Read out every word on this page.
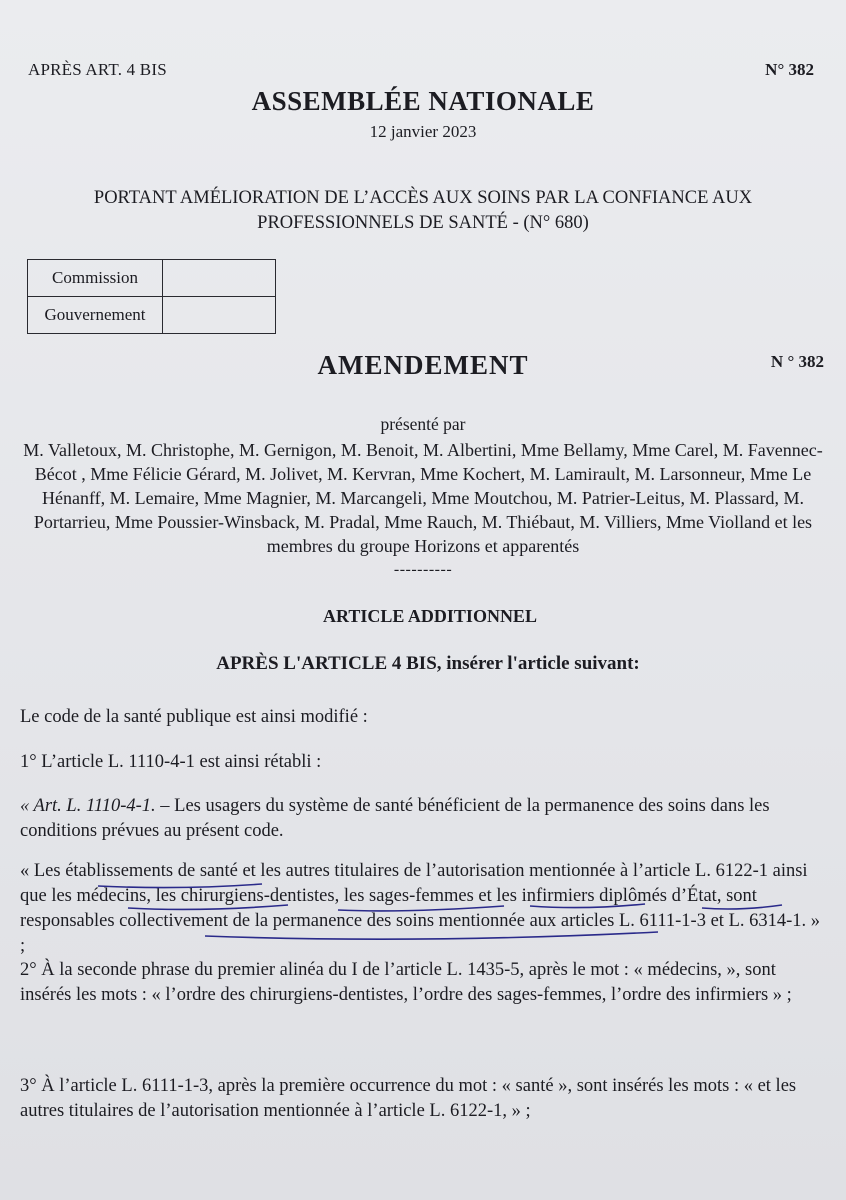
APRÈS ART. 4 BIS	N° 382
ASSEMBLÉE NATIONALE
12 janvier 2023
PORTANT AMÉLIORATION DE L’ACCÈS AUX SOINS PAR LA CONFIANCE AUX PROFESSIONNELS DE SANTÉ - (N° 680)
Commission	
Gouvernement	
AMENDEMENT	N ° 382
présenté par
M. Valletoux, M. Christophe, M. Gernigon, M. Benoit, M. Albertini, Mme Bellamy, Mme Carel, M. Favennec-Bécot , Mme Félicie Gérard, M. Jolivet, M. Kervran, Mme Kochert, M. Lamirault, M. Larsonneur, Mme Le Hénanff, M. Lemaire, Mme Magnier, M. Marcangeli, Mme Moutchou, M. Patrier-Leitus, M. Plassard, M. Portarrieu, Mme Poussier-Winsback, M. Pradal, Mme Rauch, M. Thiébaut, M. Villiers, Mme Violland et les membres du groupe Horizons et apparentés
----------
ARTICLE ADDITIONNEL
APRÈS L'ARTICLE 4 BIS, insérer l'article suivant:
Le code de la santé publique est ainsi modifié :
1° L’article L. 1110-4-1 est ainsi rétabli :
« Art. L. 1110-4-1. – Les usagers du système de santé bénéficient de la permanence des soins dans les conditions prévues au présent code.
« Les établissements de santé et les autres titulaires de l’autorisation mentionnée à l’article L. 6122-1 ainsi que les médecins, les chirurgiens-dentistes, les sages-femmes et les infirmiers diplômés d’État, sont responsables collectivement de la permanence des soins mentionnée aux articles L. 6111-1-3 et L. 6314-1. » ;
2° À la seconde phrase du premier alinéa du I de l’article L. 1435-5, après le mot : « médecins, », sont insérés les mots : « l’ordre des chirurgiens-dentistes, l’ordre des sages-femmes, l’ordre des infirmiers » ;
3° À l’article L. 6111-1-3, après la première occurrence du mot : « santé », sont insérés les mots : « et les autres titulaires de l’autorisation mentionnée à l’article L. 6122-1, » ;
